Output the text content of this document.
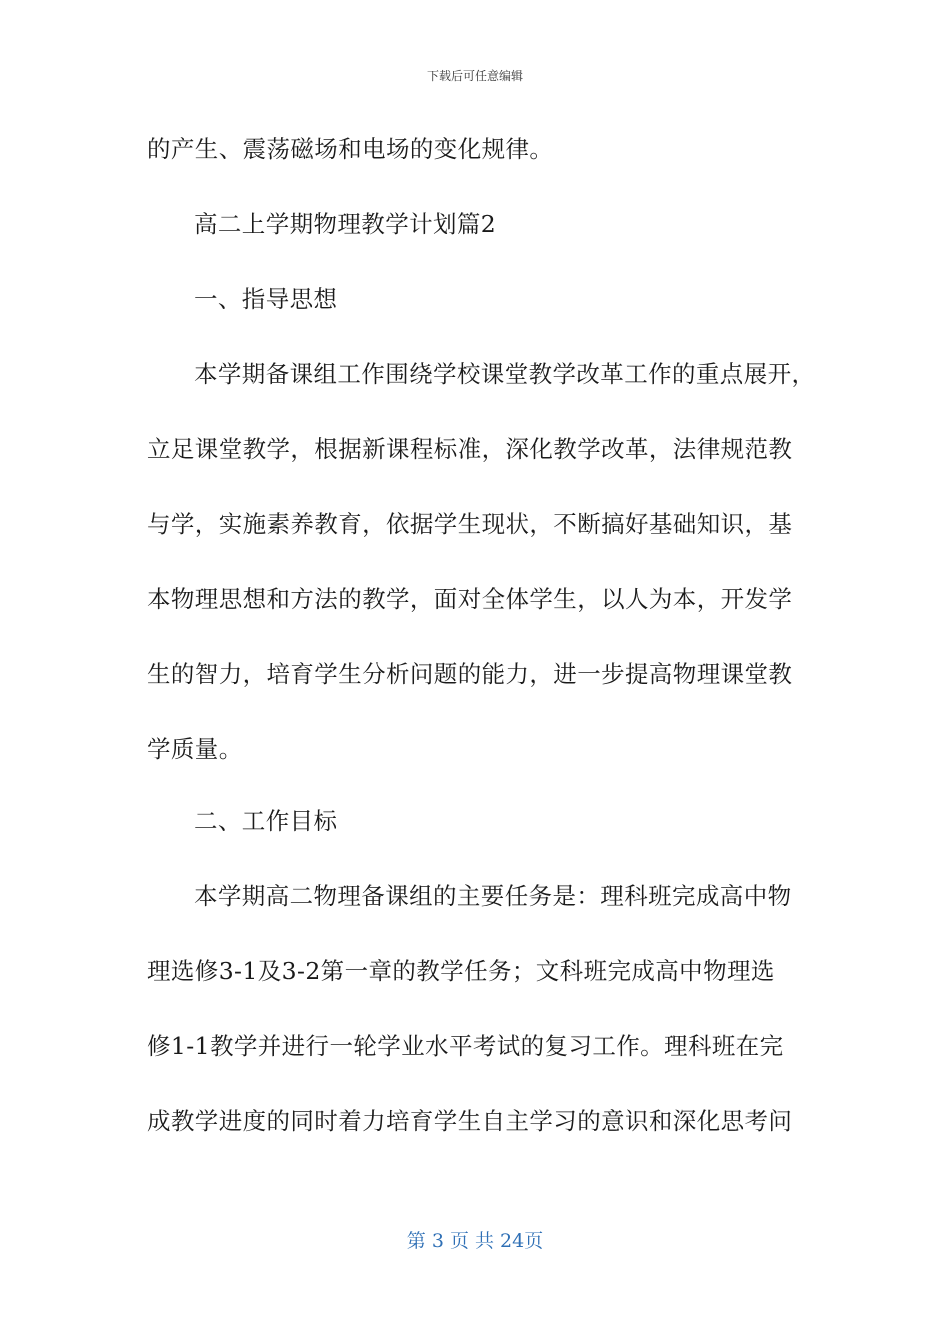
下载后可任意编辑
的产生、震荡磁场和电场的变化规律。
高二上学期物理教学计划篇2
一、指导思想
本学期备课组工作围绕学校课堂教学改革工作的重点展开，
立足课堂教学，根据新课程标准，深化教学改革，法律规范教
与学，实施素养教育，依据学生现状，不断搞好基础知识，基
本物理思想和方法的教学，面对全体学生，以人为本，开发学
生的智力，培育学生分析问题的能力，进一步提高物理课堂教
学质量。
二、工作目标
本学期高二物理备课组的主要任务是：理科班完成高中物
理选修3-1及3-2第一章的教学任务；文科班完成高中物理选
修1-1教学并进行一轮学业水平考试的复习工作。理科班在完
成教学进度的同时着力培育学生自主学习的意识和深化思考问
第 3 页 共 24页
